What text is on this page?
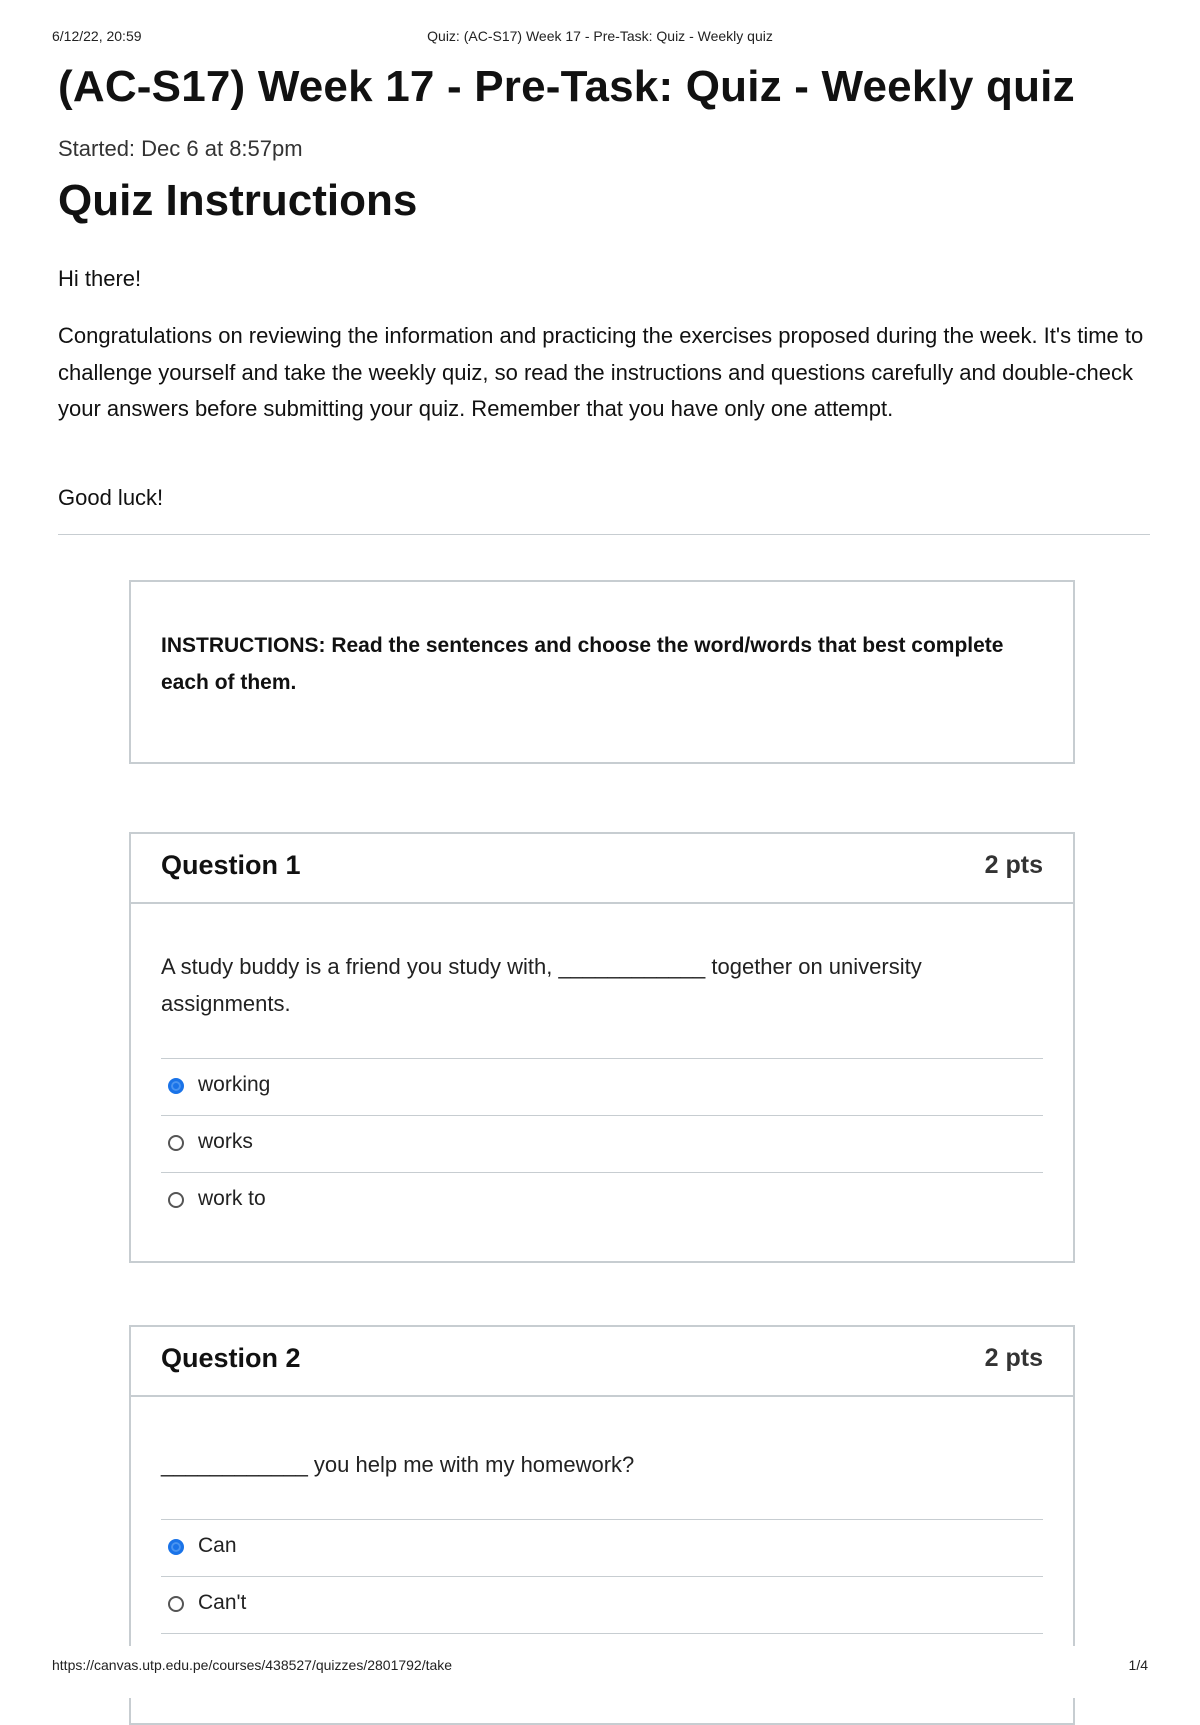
6/12/22, 20:59	Quiz: (AC-S17) Week 17 - Pre-Task: Quiz - Weekly quiz
(AC-S17) Week 17 - Pre-Task: Quiz - Weekly quiz
Started: Dec 6 at 8:57pm
Quiz Instructions

Hi there!

Congratulations on reviewing the information and practicing the exercises proposed during the week. It's time to challenge yourself and take the weekly quiz, so read the instructions and questions carefully and double-check your answers before submitting your quiz. Remember that you have only one attempt.

Good luck!

INSTRUCTIONS: Read the sentences and choose the word/words that best complete each of them.
Question 1	2 pts

A study buddy is a friend you study with, ____________ together on university assignments.

working
works
work to
Question 2	2 pts

____________ you help me with my homework?

Can
Can't
https://canvas.utp.edu.pe/courses/438527/quizzes/2801792/take	1/4
